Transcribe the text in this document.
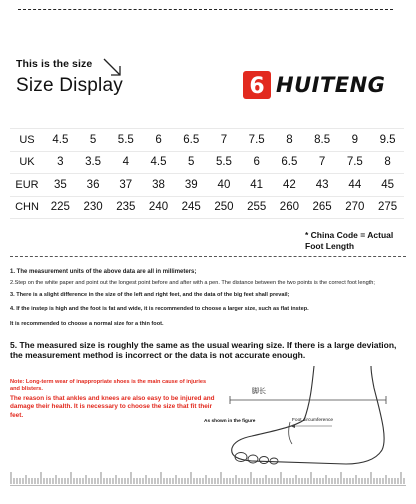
This is the size
Size Display	6 HUITENG
US	4.5	5	5.5	6	6.5	7	7.5	8	8.5	9	9.5
UK	3	3.5	4	4.5	5	5.5	6	6.5	7	7.5	8
EUR	35	36	37	38	39	40	41	42	43	44	45
CHN	225	230	235	240	245	250	255	260	265	270	275
* China Code = Actual Foot Length
1. The measurement units of the above data are all in millimeters;
2.Step on the white paper and point out the longest point before and after with a pen. The distance between the two points is the correct foot length;
3. There is a slight difference in the size of the left and right feet, and the data of the big feet shall prevail;
4. If the instep is high and the foot is fat and wide, it is recommended to choose a larger size, such as flat instep.
It is recommended to choose a normal size for a thin foot.
5. The measured size is roughly the same as the usual wearing size. If there is a large deviation, the measurement method is incorrect or the data is not accurate enough.
Note: Long-term wear of inappropriate shoes is the main cause of injuries and blisters.
The reason is that ankles and knees are also easy to be injured and damage their health. It is necessary to choose the size that fit their feet.
脚长
Foot circumference
As shown in the figure
